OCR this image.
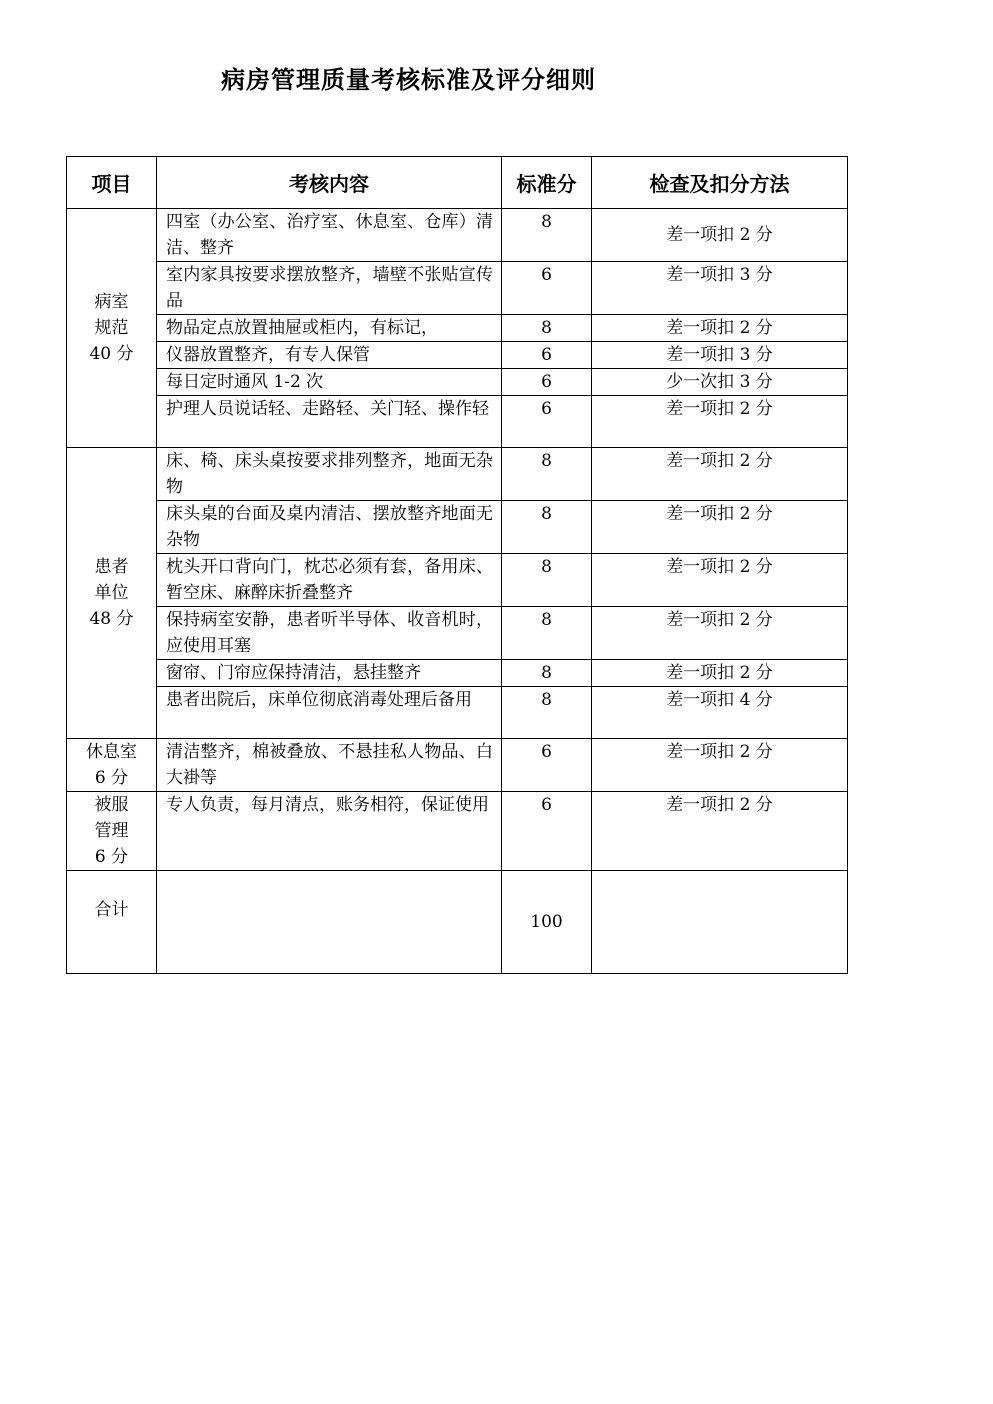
病房管理质量考核标准及评分细则
项目	考核内容	标准分	检查及扣分方法

病室
规范
40 分	四室（办公室、治疗室、休息室、仓库）清洁、整齐	8	差一项扣 2 分
	室内家具按要求摆放整齐，墙壁不张贴宣传品	6	差一项扣 3 分
	物品定点放置抽屉或柜内，有标记，	8	差一项扣 2 分
	仪器放置整齐，有专人保管	6	差一项扣 3 分
	每日定时通风 1-2 次	6	少一次扣 3 分
	护理人员说话轻、走路轻、关门轻、操作轻	6	差一项扣 2 分

患者
单位
48 分	床、椅、床头桌按要求排列整齐，地面无杂物	8	差一项扣 2 分
	床头桌的台面及桌内清洁、摆放整齐地面无杂物	8	差一项扣 2 分
	枕头开口背向门，枕芯必须有套，备用床、暂空床、麻醉床折叠整齐	8	差一项扣 2 分
	保持病室安静，患者听半导体、收音机时，应使用耳塞	8	差一项扣 2 分
	窗帘、门帘应保持清洁，悬挂整齐	8	差一项扣 2 分
	患者出院后，床单位彻底消毒处理后备用	8	差一项扣 4 分

休息室
6 分	清洁整齐，棉被叠放、不悬挂私人物品、白大褂等	6	差一项扣 2 分

被服
管理
6 分	专人负责，每月清点，账务相符，保证使用	6	差一项扣 2 分
合计		100	
